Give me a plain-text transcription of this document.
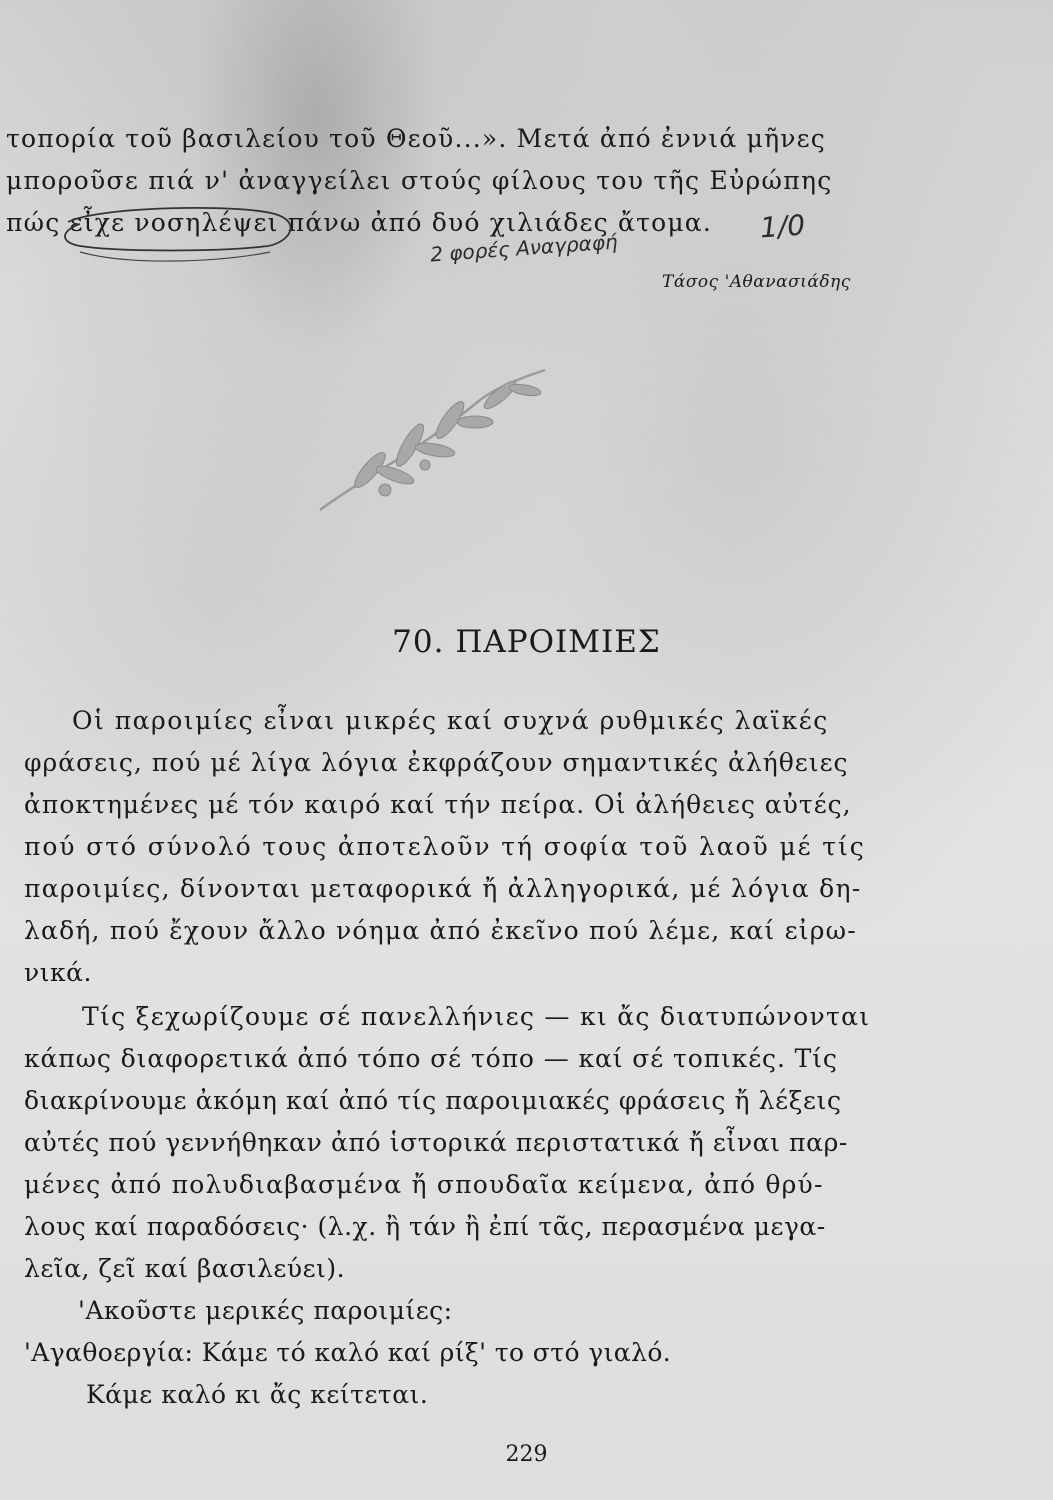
τοπορία τοῦ βασιλείου τοῦ Θεοῦ...». Μετά ἀπό ἐννιά μῆνες
μποροῦσε πιά ν' ἀναγγείλει στούς φίλους του τῆς Εὐρώπης
πώς εἶχε νοσηλέψει πάνω ἀπό δυό χιλιάδες ἄτομα. 1/0
2 φορές Αναγραφή
Τάσος 'Αθανασιάδης
70. ΠΑΡΟΙΜΙΕΣ
Οἱ παροιμίες εἶναι μικρές καί συχνά ρυθμικές λαϊκές
φράσεις, πού μέ λίγα λόγια ἐκφράζουν σημαντικές ἀλήθειες
ἀποκτημένες μέ τόν καιρό καί τήν πείρα. Οἱ ἀλήθειες αὐτές,
πού στό σύνολό τους ἀποτελοῦν τή σοφία τοῦ λαοῦ μέ τίς
παροιμίες, δίνονται μεταφορικά ἤ ἀλληγορικά, μέ λόγια δη-
λαδή, πού ἔχουν ἄλλο νόημα ἀπό ἐκεῖνο πού λέμε, καί εἰρω-
νικά.
Τίς ξεχωρίζουμε σέ πανελλήνιες — κι ἄς διατυπώνονται
κάπως διαφορετικά ἀπό τόπο σέ τόπο — καί σέ τοπικές. Τίς
διακρίνουμε ἀκόμη καί ἀπό τίς παροιμιακές φράσεις ἤ λέξεις
αὐτές πού γεννήθηκαν ἀπό ἱστορικά περιστατικά ἤ εἶναι παρ-
μένες ἀπό πολυδιαβασμένα ἤ σπουδαῖα κείμενα, ἀπό θρύ-
λους καί παραδόσεις· (λ.χ. ἢ τάν ἢ ἐπί τᾶς, περασμένα μεγα-
λεῖα, ζεῖ καί βασιλεύει).
'Ακοῦστε μερικές παροιμίες:
'Αγαθοεργία: Κάμε τό καλό καί ρίξ' το στό γιαλό.
Κάμε καλό κι ἄς κείτεται.
229
